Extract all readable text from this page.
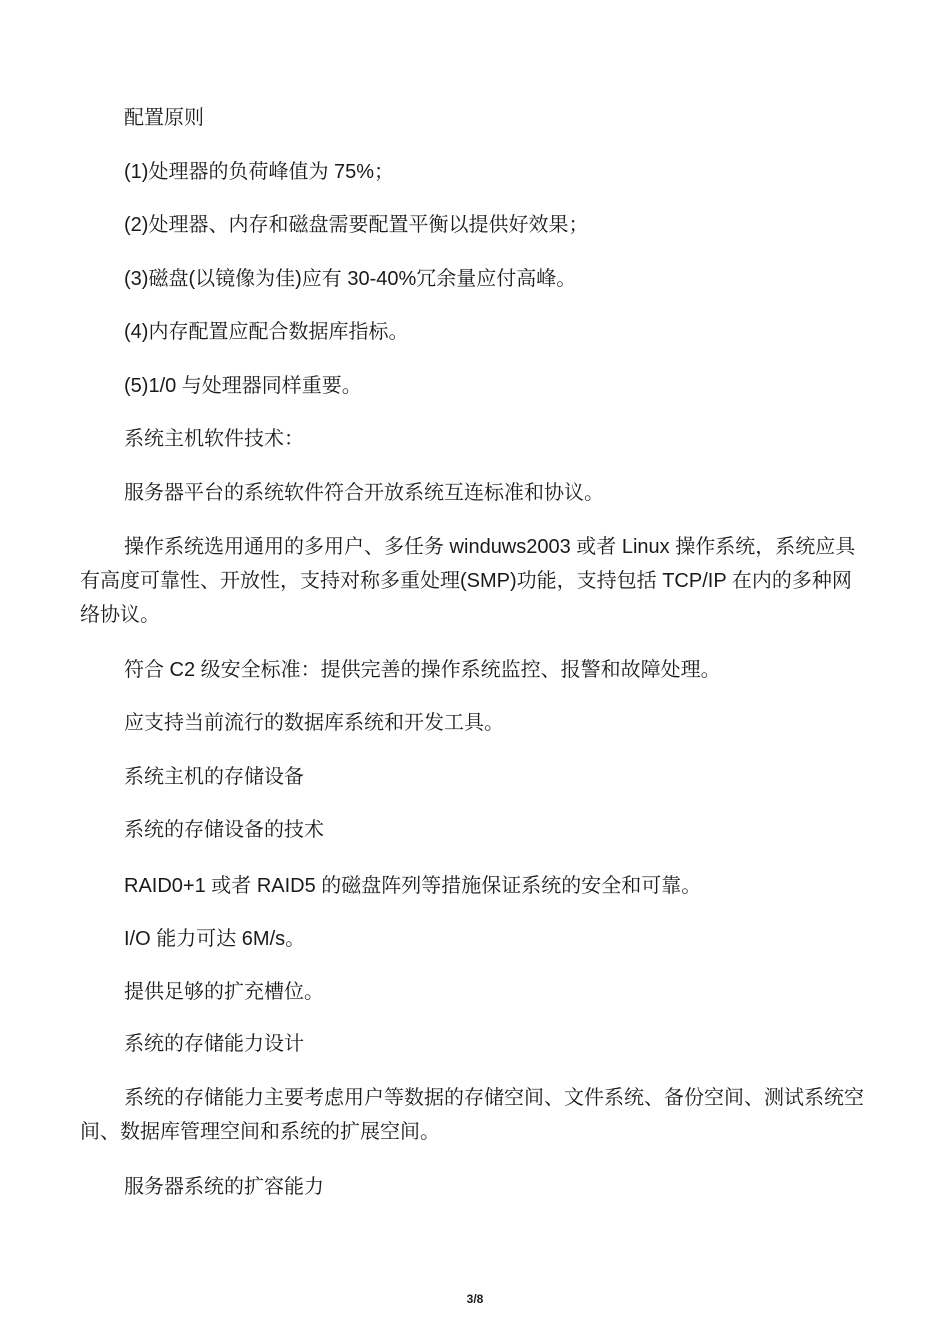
配置原则

(1)处理器的负荷峰值为 75%；

(2)处理器、内存和磁盘需要配置平衡以提供好效果；

(3)磁盘(以镜像为佳)应有 30-40%冗余量应付高峰。

(4)内存配置应配合数据库指标。

(5)1/0 与处理器同样重要。

系统主机软件技术：

服务器平台的系统软件符合开放系统互连标准和协议。

操作系统选用通用的多用户、多任务 winduws2003 或者 Linux 操作系统，系统应具有高度可靠性、开放性，支持对称多重处理(SMP)功能，支持包括 TCP/IP 在内的多种网络协议。

符合 C2 级安全标准：提供完善的操作系统监控、报警和故障处理。

应支持当前流行的数据库系统和开发工具。

系统主机的存储设备

系统的存储设备的技术

RAID0+1 或者 RAID5 的磁盘阵列等措施保证系统的安全和可靠。

I/O 能力可达 6M/s。

提供足够的扩充槽位。

系统的存储能力设计

系统的存储能力主要考虑用户等数据的存储空间、文件系统、备份空间、测试系统空间、数据库管理空间和系统的扩展空间。

服务器系统的扩容能力

3/8
